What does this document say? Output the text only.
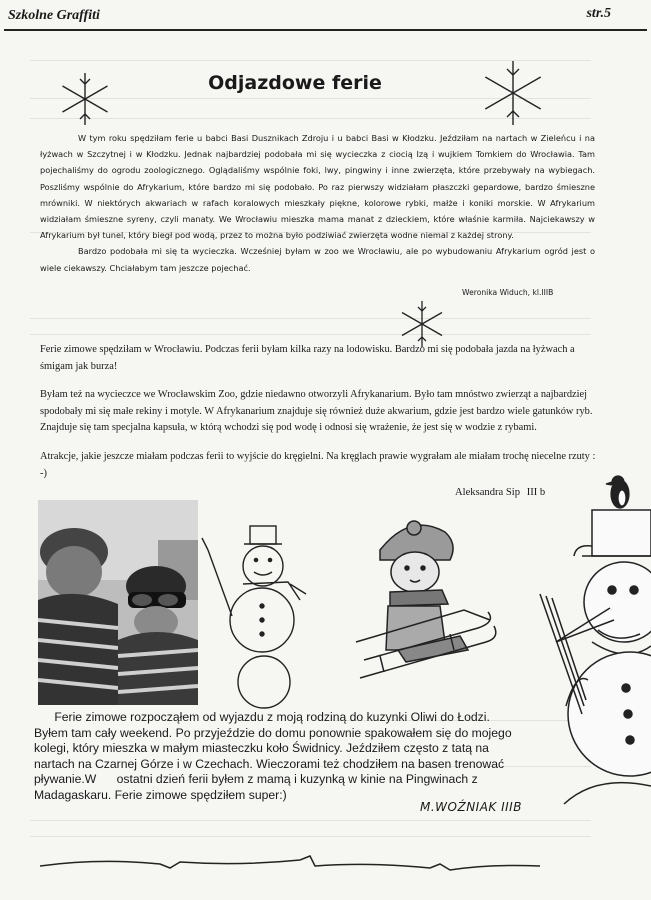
Szkolne Graffiti	str.5
Odjazdowe ferie

W tym roku spędziłam ferie u babci Basi Dusznikach Zdroju i u babci Basi w Kłodzku. Jeździłam na nartach w Zieleńcu i na łyżwach w Szczytnej i w Kłodzku. Jednak najbardziej podobała mi się wycieczka z ciocią Izą i wujkiem Tomkiem do Wrocławia. Tam pojechaliśmy do ogrodu zoologicznego. Oglądaliśmy wspólnie foki, lwy, pingwiny i inne zwierzęta, które przebywały na wybiegach. Poszliśmy wspólnie do Afrykarium, które bardzo mi się podobało. Po raz pierwszy widziałam płaszczki gepardowe, bardzo śmieszne mrówniki. W niektórych akwariach w rafach koralowych mieszkały piękne, kolorowe rybki, małże i koniki morskie. W Afrykarium widziałam śmieszne syreny, czyli manaty. We Wrocławiu mieszka mama manat z dzieckiem, które właśnie karmiła. Najciekawszy w Afrykarium był tunel, który biegł pod wodą, przez to można było podziwiać zwierzęta wodne niemal z każdej strony.

Bardzo podobała mi się ta wycieczka. Wcześniej byłam w zoo we Wrocławiu, ale po wybudowaniu Afrykarium ogród jest o wiele ciekawszy. Chciałabym tam jeszcze pojechać.

Weronika Widuch, kl.IIIB

Ferie zimowe spędziłam w Wrocławiu. Podczas ferii byłam kilka razy na lodowisku. Bardzo mi się podobała jazda na łyżwach a śmigam jak burza!

Byłam też na wycieczce we Wrocławskim Zoo, gdzie niedawno otworzyli Afrykanarium. Było tam mnóstwo zwierząt a najbardziej spodobały mi się małe rekiny i motyle. W Afrykanarium znajduje się również duże akwarium, gdzie jest bardzo wiele gatunków ryb. Znajduje się tam specjalna kapsuła, w którą wchodzi się pod wodę i odnosi się wrażenie, że jest się w wodzie z rybami.

Atrakcje, jakie jeszcze miałam podczas ferii to wyjście do kręgielni. Na kręglach prawie wygrałam ale miałam trochę niecelne rzuty : -)

Aleksandra Sip III b
Ferie zimowe rozpocząłem od wyjazdu z moją rodziną do kuzynki Oliwi do Łodzi.
Byłem tam cały weekend. Po przyjeździe do domu ponownie spakowałem się do mojego
kolegi, który mieszka w małym miasteczku koło Świdnicy. Jeździłem często z tatą na
nartach na Czarnej Górze i w Czechach. Wieczorami też chodziłem na basen trenować
pływanie.W      ostatni dzień ferii byłem z mamą i kuzynką w kinie na Pingwinach z
Madagaskaru. Ferie zimowe spędziłem super:)
M.WOŹNIAK IIIB
